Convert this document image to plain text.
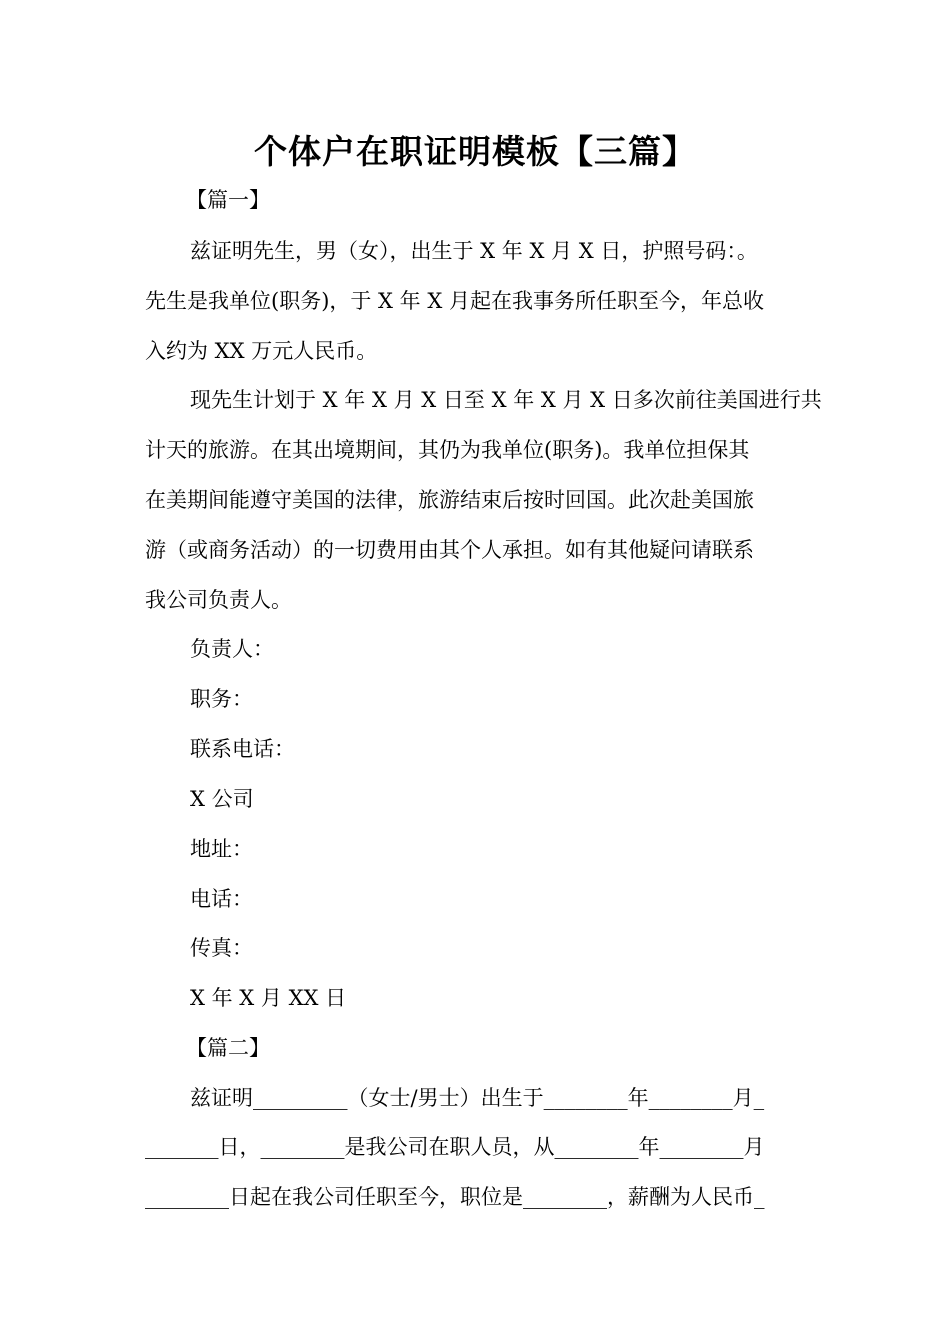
个体户在职证明模板【三篇】
【篇一】
兹证明先生，男（女），出生于 X 年 X 月 X 日，护照号码：。
先生是我单位(职务)，于 X 年 X 月起在我事务所任职至今，年总收
入约为 XX 万元人民币。
现先生计划于 X 年 X 月 X 日至 X 年 X 月 X 日多次前往美国进行共
计天的旅游。在其出境期间，其仍为我单位(职务)。我单位担保其
在美期间能遵守美国的法律，旅游结束后按时回国。此次赴美国旅
游（或商务活动）的一切费用由其个人承担。如有其他疑问请联系
我公司负责人。
负责人：
职务：
联系电话：
X 公司
地址：
电话：
传真：
X 年 X 月 XX 日
【篇二】
兹证明_________（女士/男士）出生于________年________月_
_______日，________是我公司在职人员，从________年________月
________日起在我公司任职至今，职位是________，薪酬为人民币_
